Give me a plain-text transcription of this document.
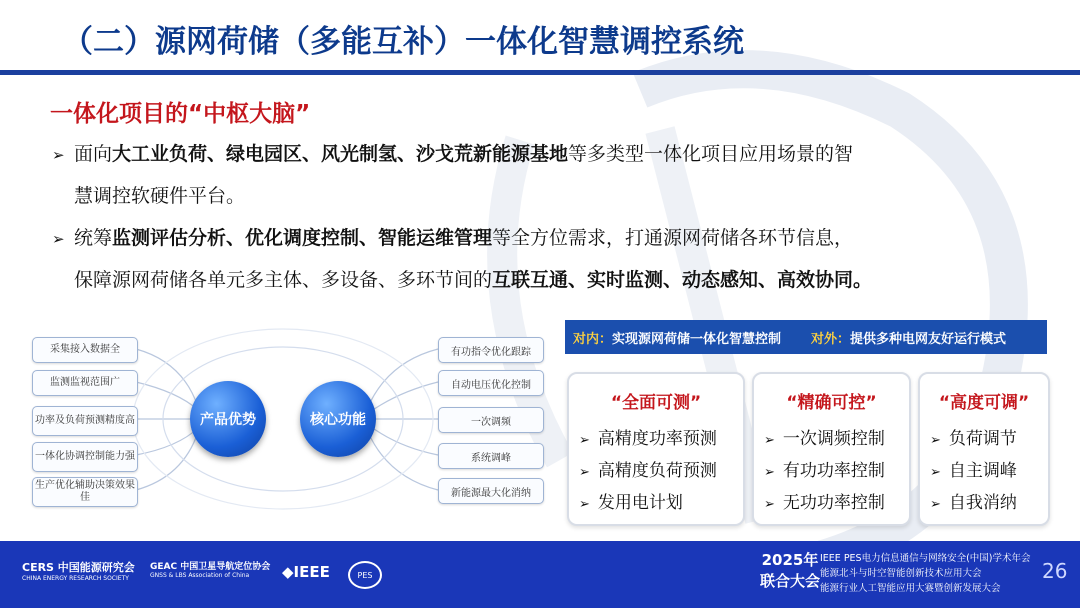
（二）源网荷储（多能互补）一体化智慧调控系统
一体化项目的“中枢大脑”
➢ 面向大工业负荷、绿电园区、风光制氢、沙戈荒新能源基地等多类型一体化项目应用场景的智
慧调控软硬件平台。
➢ 统筹监测评估分析、优化调度控制、智能运维管理等全方位需求，打通源网荷储各环节信息，
保障源网荷储各单元多主体、多设备、多环节间的互联互通、实时监测、动态感知、高效协同。
采集接入数据全
监测监视范围广
功率及负荷预测精度高
一体化协调控制能力强
生产优化辅助决策效果佳
产品优势	核心功能
有功指令优化跟踪
自动电压优化控制
一次调频
系统调峰
新能源最大化消纳
对内： 实现源网荷储一体化智慧控制 对外： 提供多种电网友好运行模式
“全面可测”
➢ 高精度功率预测
➢ 高精度负荷预测
➢ 发用电计划
“精确可控”
➢ 一次调频控制
➢ 有功功率控制
➢ 无功功率控制
“高度可调”
➢ 负荷调节
➢ 自主调峰
➢ 自我消纳
CERS 中国能源研究会
CHINA ENERGY RESEARCH SOCIETY
GEAC 中国卫星导航定位协会
GNSS & LBS Association of China	◆IEEE	PES
2025年
联合大会
IEEE PES电力信息通信与网络安全(中国)学术年会
能源北斗与时空智能创新技术应用大会
能源行业人工智能应用大赛暨创新发展大会
26
